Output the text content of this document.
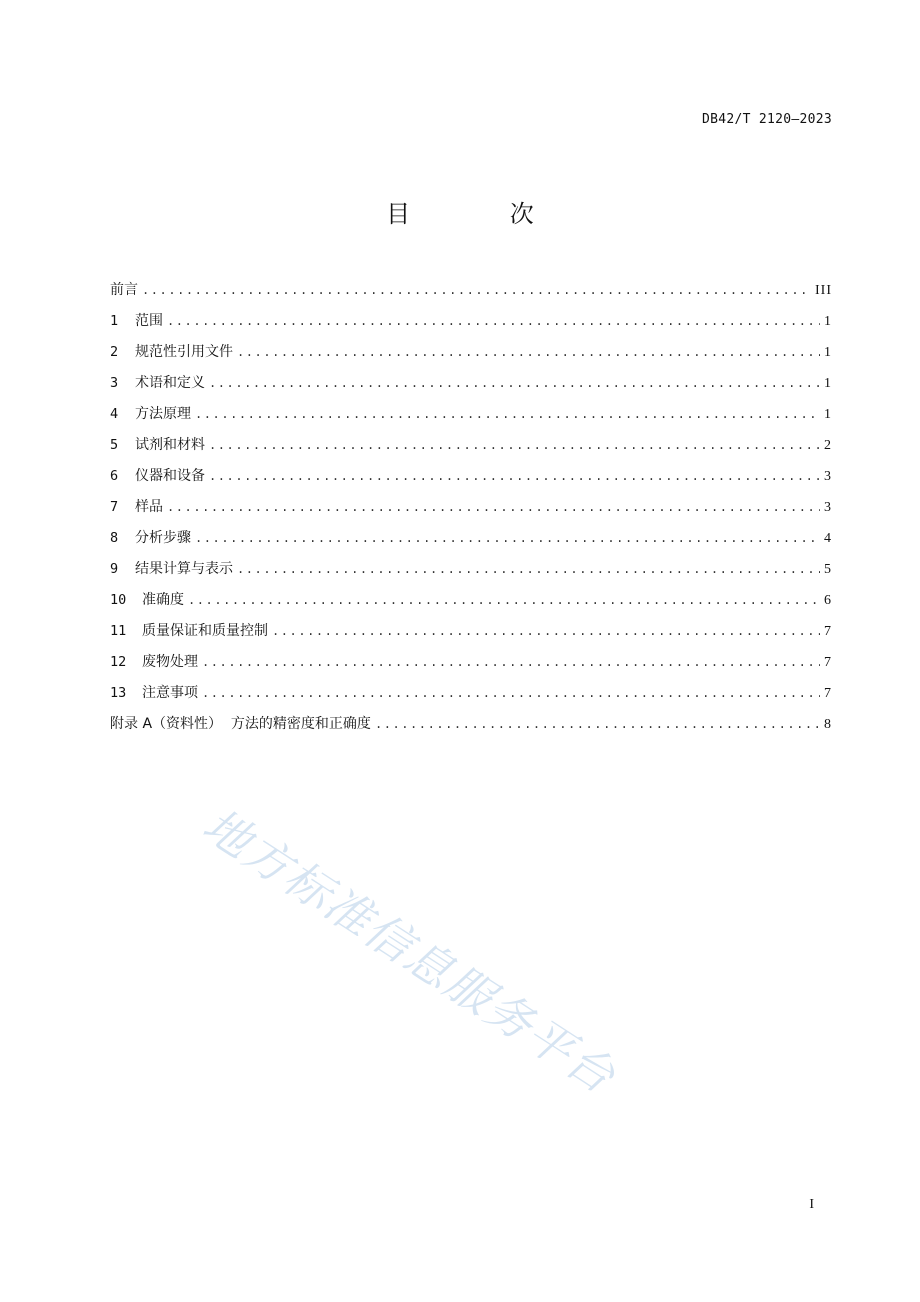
DB42/T 2120—2023
目 次
前言 .....	III
1	范围 .....	1
2	规范性引用文件 .....	1
3	术语和定义 .....	1
4	方法原理 .....	1
5	试剂和材料 .....	2
6	仪器和设备 .....	3
7	样品 .....	3
8	分析步骤 .....	4
9	结果计算与表示 .....	5
10	准确度 .....	6
11	质量保证和质量控制 .....	7
12	废物处理 .....	7
13	注意事项 .....	7
附录 A（资料性）  方法的精密度和正确度 .....	8
地方标准信息服务平台
I
